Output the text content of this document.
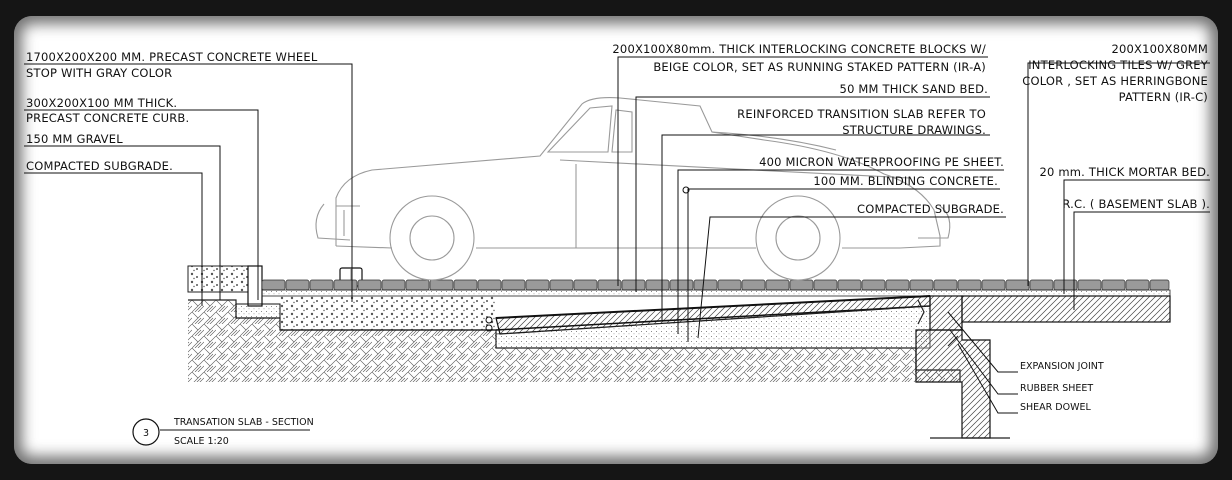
1700X200X200 MM. PRECAST CONCRETE WHEEL
STOP WITH GRAY COLOR
300X200X100 MM THICK.
PRECAST CONCRETE CURB.
150 MM GRAVEL
COMPACTED SUBGRADE.
200X100X80mm. THICK INTERLOCKING CONCRETE BLOCKS W/
BEIGE COLOR, SET AS RUNNING STAKED PATTERN (IR-A)
50 MM THICK SAND BED.
REINFORCED TRANSITION SLAB REFER TO
STRUCTURE DRAWINGS.
400 MICRON WATERPROOFING PE SHEET.
100 MM. BLINDING CONCRETE.
COMPACTED SUBGRADE.
200X100X80MM
INTERLOCKING TILES W/ GREY
COLOR , SET AS HERRINGBONE
PATTERN (IR-C)
20 mm. THICK MORTAR BED.
R.C. ( BASEMENT SLAB ).
EXPANSION JOINT
RUBBER SHEET
SHEAR DOWEL
3
TRANSATION SLAB - SECTION
SCALE 1:20
